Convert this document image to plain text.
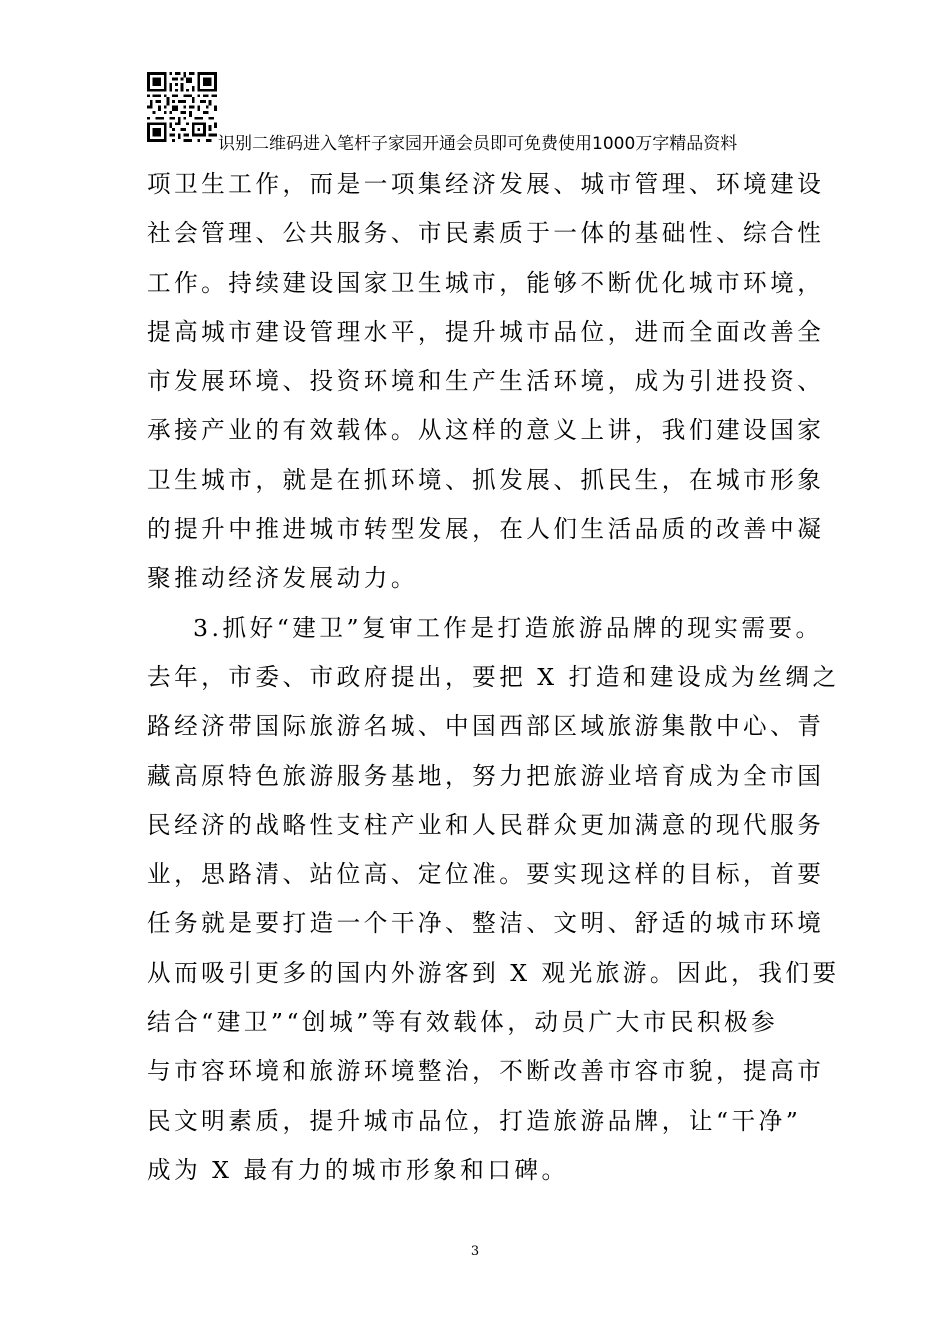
识别二维码进入笔杆子家园开通会员即可免费使用1000万字精品资料
项卫生工作，而是一项集经济发展、城市管理、环境建设
社会管理、公共服务、市民素质于一体的基础性、综合性
工作。持续建设国家卫生城市，能够不断优化城市环境，
提高城市建设管理水平，提升城市品位，进而全面改善全
市发展环境、投资环境和生产生活环境，成为引进投资、
承接产业的有效载体。从这样的意义上讲，我们建设国家
卫生城市，就是在抓环境、抓发展、抓民生，在城市形象
的提升中推进城市转型发展，在人们生活品质的改善中凝
聚推动经济发展动力。
3.抓好“建卫”复审工作是打造旅游品牌的现实需要。
去年，市委、市政府提出，要把 X 打造和建设成为丝绸之
路经济带国际旅游名城、中国西部区域旅游集散中心、青
藏高原特色旅游服务基地，努力把旅游业培育成为全市国
民经济的战略性支柱产业和人民群众更加满意的现代服务
业，思路清、站位高、定位准。要实现这样的目标，首要
任务就是要打造一个干净、整洁、文明、舒适的城市环境
从而吸引更多的国内外游客到 X 观光旅游。因此，我们要
结合“建卫”“创城”等有效载体，动员广大市民积极参
与市容环境和旅游环境整治，不断改善市容市貌，提高市
民文明素质，提升城市品位，打造旅游品牌，让“干净”
成为 X 最有力的城市形象和口碑。
3
